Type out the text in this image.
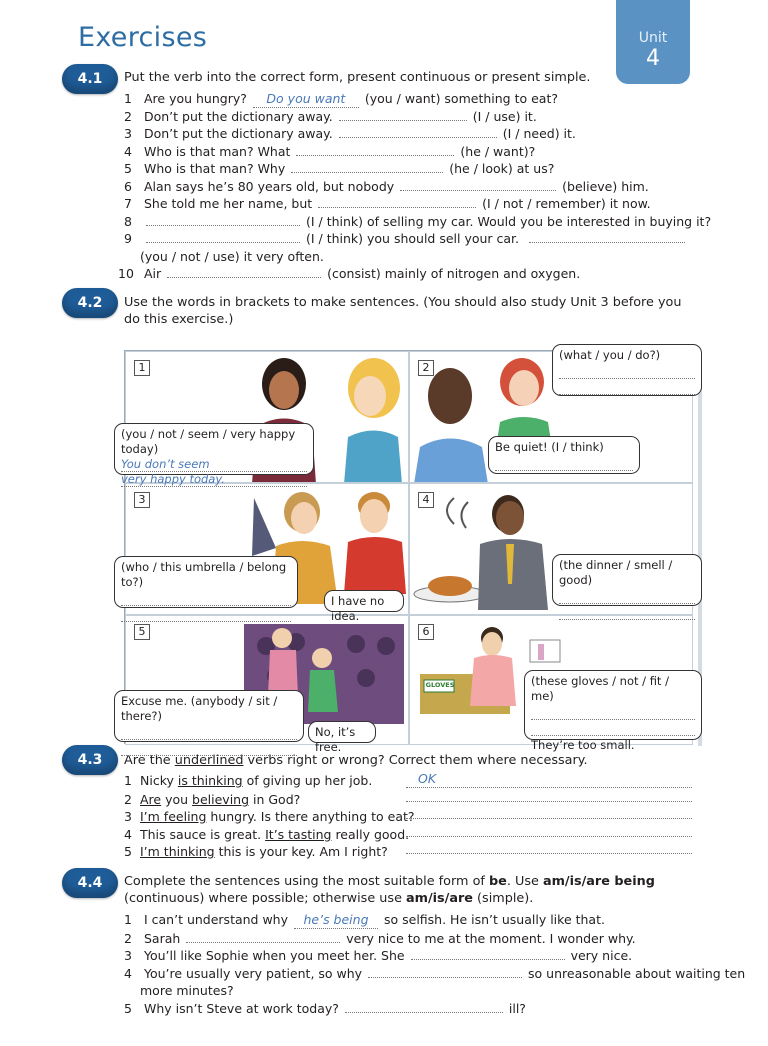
Exercises	Unit
4
4.1	Put the verb into the correct form, present continuous or present simple.
1 Are you hungry? Do you want (you / want) something to eat?
2 Don’t put the dictionary away.	(I / use) it.
3 Don’t put the dictionary away.	(I / need) it.
4 Who is that man? What	(he / want)?
5 Who is that man? Why	(he / look) at us?
6 Alan says he’s 80 years old, but nobody	(believe) him.
7 She told me her name, but	(I / not / remember) it now.
8	(I / think) of selling my car. Would you be interested in buying it?
9	(I / think) you should sell your car.
(you / not / use) it very often.
10 Air	(consist) mainly of nitrogen and oxygen.
4.2	Use the words in brackets to make sentences. (You should also study Unit 3 before you do this exercise.)
1	2
3	4
5	6
GLOVES
(you / not / seem / very happy today)
You don’t seem
very happy today.
(what / you / do?)
Be quiet! (I / think)
(who / this umbrella / belong to?)
I have no idea.
(the dinner / smell / good)
Excuse me. (anybody / sit / there?)
No, it’s free.
(these gloves / not / fit / me)
They’re too small.
4.3	Are the underlined verbs right or wrong? Correct them where necessary.
1 Nicky is thinking of giving up her job.	OK
2 Are you believing in God?
3 I’m feeling hungry. Is there anything to eat?
4 This sauce is great. It’s tasting really good.
5 I’m thinking this is your key. Am I right?
4.4	Complete the sentences using the most suitable form of be. Use am/is/are being (continuous) where possible; otherwise use am/is/are (simple).
1 I can’t understand why he’s being so selfish. He isn’t usually like that.
2 Sarah	very nice to me at the moment. I wonder why.
3 You’ll like Sophie when you meet her. She	very nice.
4 You’re usually very patient, so why	so unreasonable about waiting ten
more minutes?
5 Why isn’t Steve at work today?	ill?
